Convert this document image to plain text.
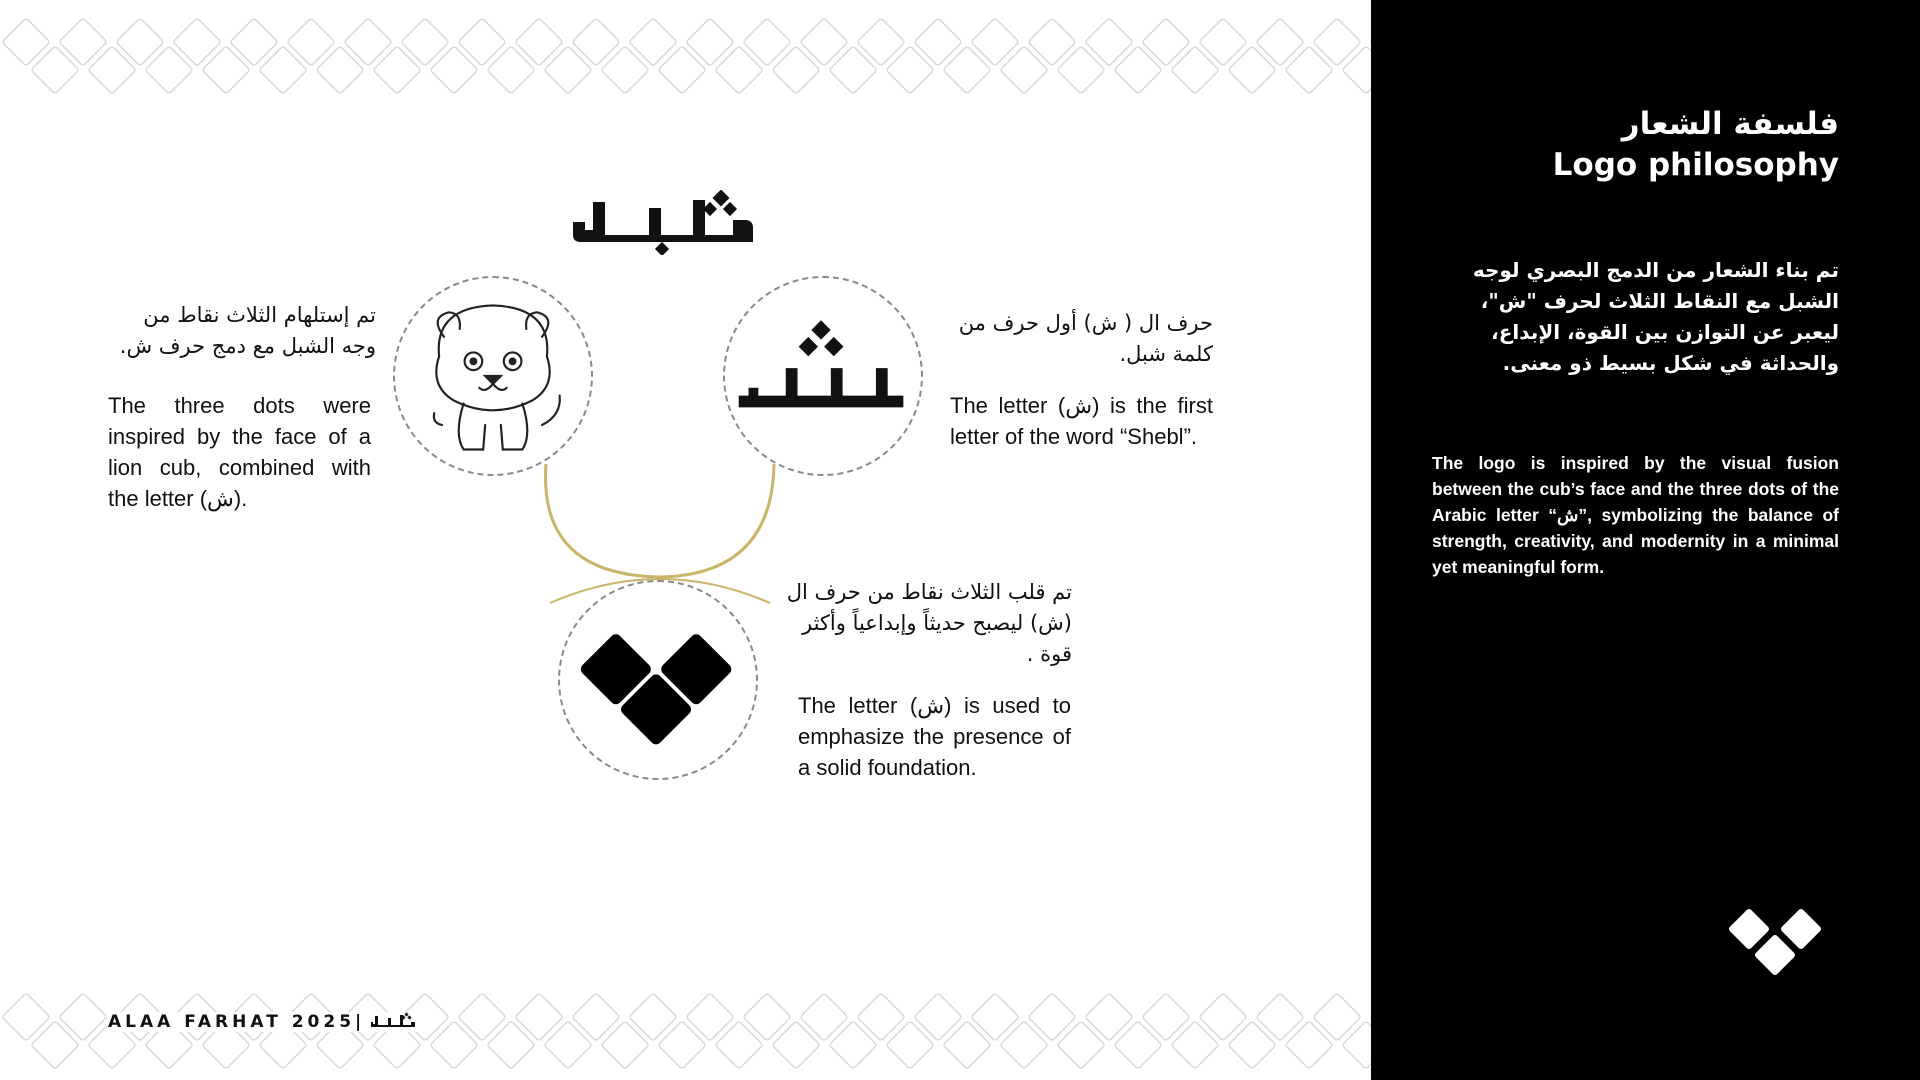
تم إستلهام الثلاث نقاط من وجه الشبل مع دمج حرف ش.
The three dots were inspired by the face of a lion cub, combined with the letter (ش).
حرف ال ( ش) أول حرف من كلمة شبل.
The letter (ش) is the first letter of the word “Shebl”.
تم قلب الثلاث نقاط من حرف ال (ش) ليصبح حديثاً وإبداعياً وأكثر قوة .
The letter (ش) is used to emphasize the presence of a solid foundation.
ALAA FARHAT 2025|
فلسفة الشعار
Logo philosophy
تم بناء الشعار من الدمج البصري لوجه الشبل مع النقاط الثلاث لحرف "ش"، ليعبر عن التوازن بين القوة، الإبداع، والحداثة في شكل بسيط ذو معنى.
The logo is inspired by the visual fusion between the cub’s face and the three dots of the Arabic letter “ش”, symbolizing the balance of strength, creativity, and modernity in a minimal yet meaningful form.
